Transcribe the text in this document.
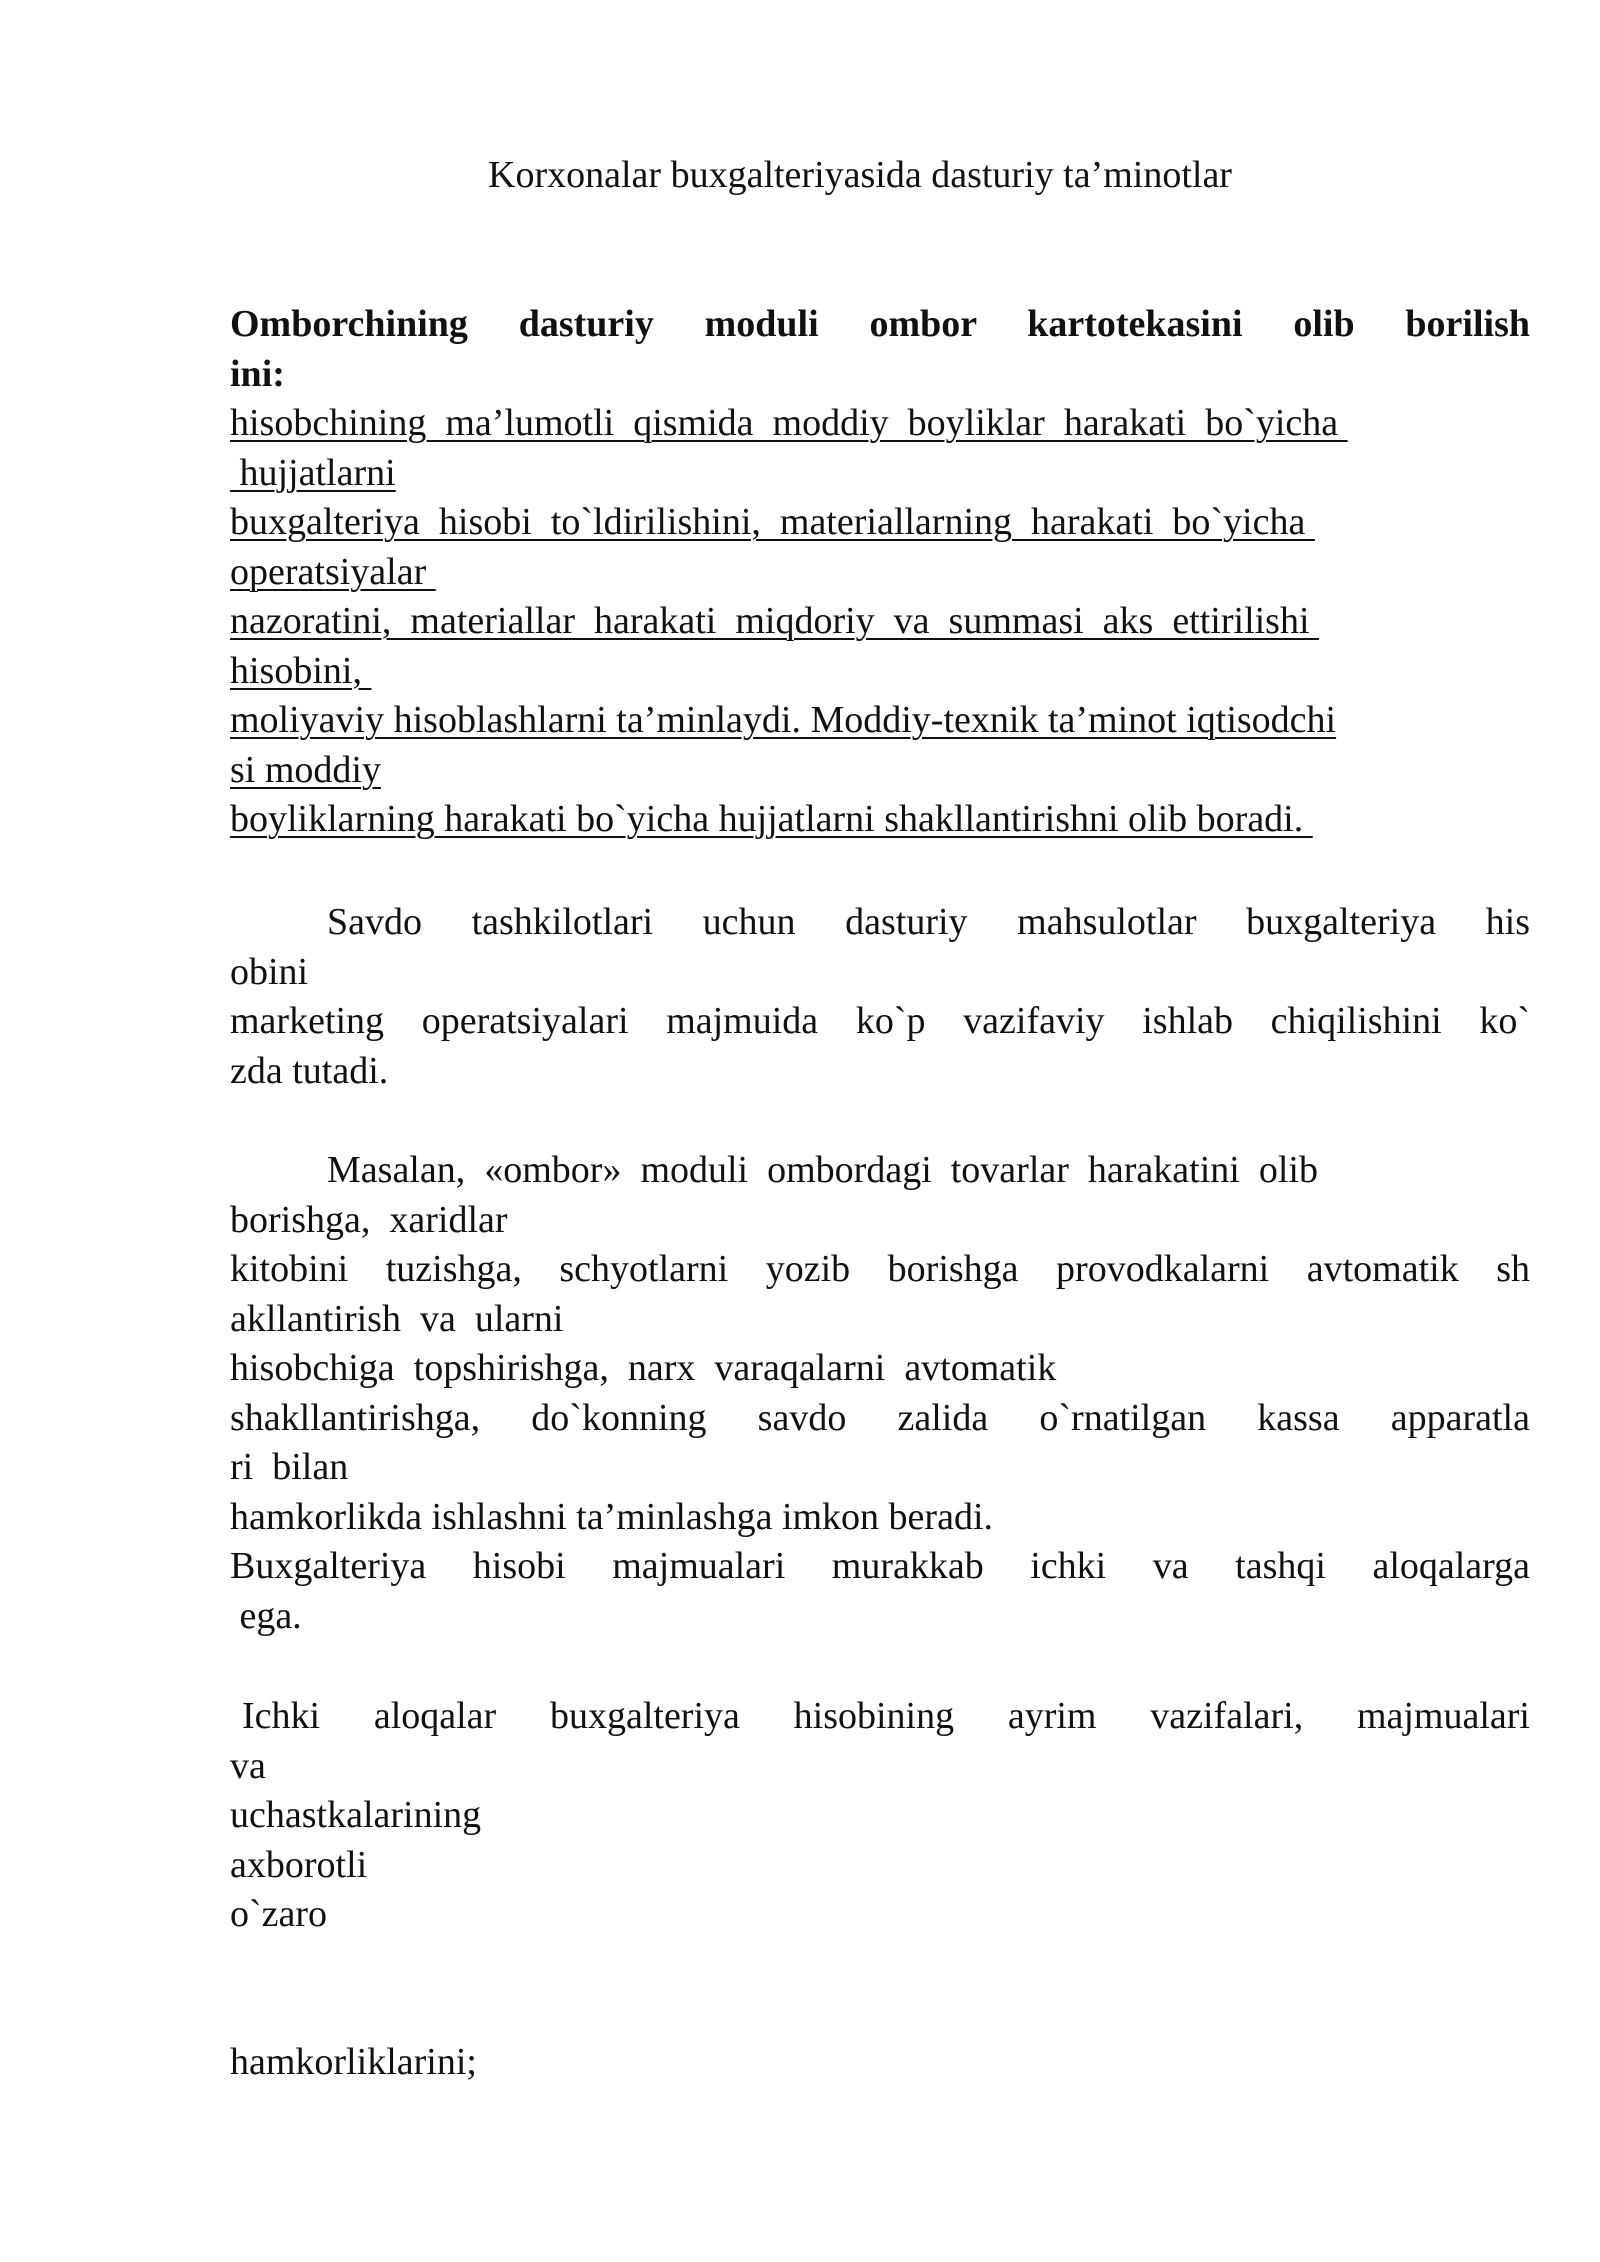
Korxonalar buxgalteriyasida dasturiy ta’minotlar
Omborchining  dasturiy  moduli  ombor  kartotekasini  olib  borilish
ini:
hisobchining  ma’lumotli  qismida  moddiy  boyliklar  harakati  bo`yicha
hujjatlarni
buxgalteriya  hisobi  to`ldirilishini,  materiallarning  harakati  bo`yicha
operatsiyalar
nazoratini,  materiallar  harakati  miqdoriy  va  summasi  aks  ettirilishi
hisobini,
moliyaviy hisoblashlarni ta’minlaydi. Moddiy-texnik ta’minot iqtisodchi
si moddiy
boyliklarning harakati bo`yicha hujjatlarni shakllantirishni olib boradi.
Savdo  tashkilotlari  uchun  dasturiy  mahsulotlar  buxgalteriya  his
obini
marketing operatsiyalari majmuida ko`p vazifaviy ishlab chiqilishini ko`
zda tutadi.
Masalan,  «ombor»  moduli  ombordagi  tovarlar  harakatini  olib
borishga,  xaridlar
kitobini tuzishga, schyotlarni yozib borishga provodkalarni avtomatik sh
akllantirish  va  ularni
hisobchiga  topshirishga,  narx  varaqalarni  avtomatik
shakllantirishga,  do`konning  savdo  zalida  o`rnatilgan  kassa  apparatla
ri  bilan
hamkorlikda ishlashni ta’minlashga imkon beradi.
Buxgalteriya  hisobi  majmualari  murakkab  ichki  va  tashqi  aloqalarga
ega.
Ichki  aloqalar  buxgalteriya  hisobining  ayrim  vazifalari,  majmualari
va
uchastkalarining
axborotli
o`zaro
hamkorliklarini;
